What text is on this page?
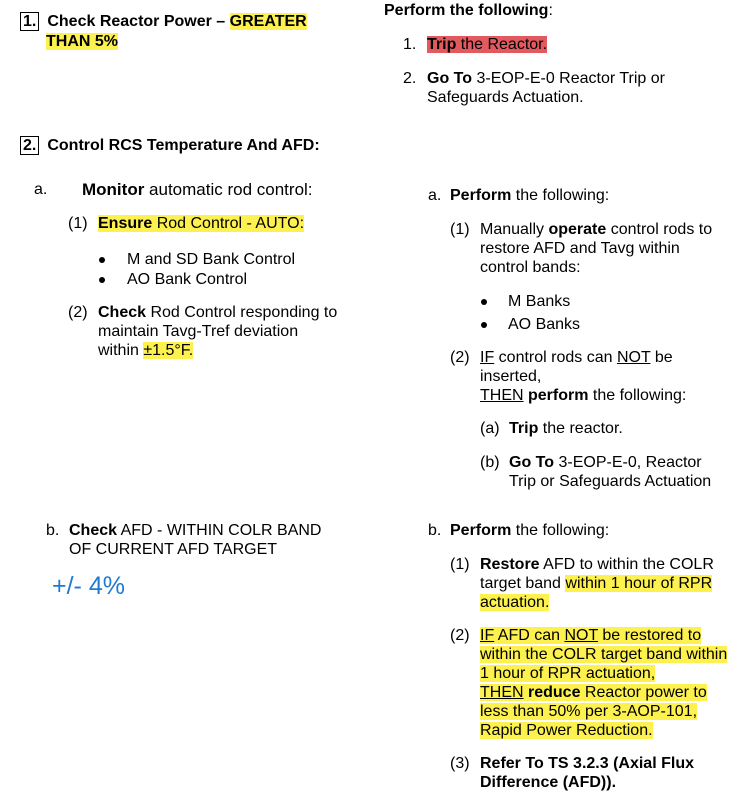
1. Check Reactor Power – GREATER
THAN 5%
2. Control RCS Temperature And AFD:
a. Monitor automatic rod control:
(1) Ensure Rod Control - AUTO:
M and SD Bank Control
AO Bank Control
(2) Check Rod Control responding to
maintain Tavg-Tref deviation
within ±1.5°F.
b. Check AFD - WITHIN COLR BAND
OF CURRENT AFD TARGET
+/- 4%
Perform the following:
1. Trip the Reactor.
2. Go To 3-EOP-E-0 Reactor Trip or
Safeguards Actuation.
a. Perform the following:
(1) Manually operate control rods to
restore AFD and Tavg within
control bands:
M Banks
AO Banks
(2) IF control rods can NOT be
inserted,
THEN perform the following:
(a) Trip the reactor.
(b) Go To 3-EOP-E-0, Reactor
Trip or Safeguards Actuation
b. Perform the following:
(1) Restore AFD to within the COLR
target band within 1 hour of RPR
actuation.
(2) IF AFD can NOT be restored to
within the COLR target band within
1 hour of RPR actuation,
THEN reduce Reactor power to
less than 50% per 3-AOP-101,
Rapid Power Reduction.
(3) Refer To TS 3.2.3 (Axial Flux
Difference (AFD)).
